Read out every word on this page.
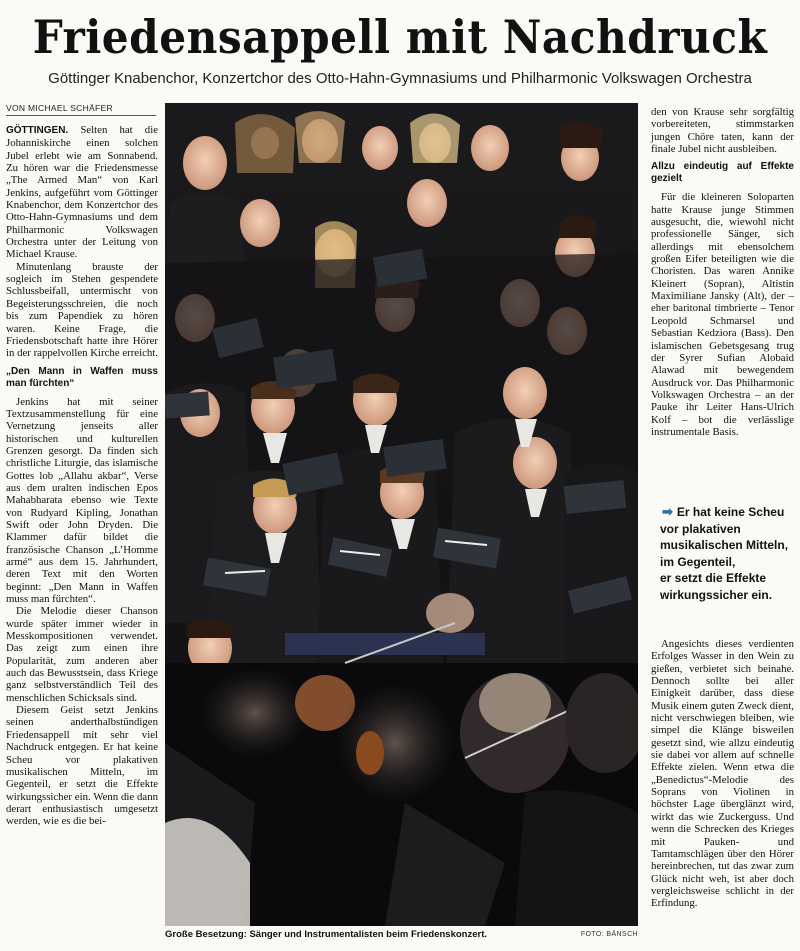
Friedensappell mit Nachdruck
Göttinger Knabenchor, Konzertchor des Otto-Hahn-Gymnasiums und Philharmonic Volkswagen Orchestra
VON MICHAEL SCHÄFER

GÖTTINGEN. Selten hat die Johanniskirche einen solchen Jubel erlebt wie am Sonnabend. Zu hören war die Friedensmesse „The Armed Man“ von Karl Jenkins, aufgeführt vom Göttinger Knabenchor, dem Konzertchor des Otto-Hahn-Gymnasiums und dem Philharmonic Volkswagen Orchestra unter der Leitung von Michael Krause.

Minutenlang brauste der sogleich im Stehen gespendete Schlussbeifall, untermischt von Begeisterungsschreien, die noch bis zum Papendiek zu hören waren. Keine Frage, die Friedensbotschaft hatte ihre Hörer in der rappelvollen Kirche erreicht.

„Den Mann in Waffen muss man fürchten“

Jenkins hat mit seiner Textzusammenstellung für eine Vernetzung jenseits aller historischen und kulturellen Grenzen gesorgt. Da finden sich christliche Liturgie, das islamische Gottes lob „Allahu akbar“, Verse aus dem uralten indischen Epos Mahabharata ebenso wie Texte von Rudyard Kipling, Jonathan Swift oder John Dryden. Die Klammer dafür bildet die französische Chanson „L’Homme armé“ aus dem 15. Jahrhundert, deren Text mit den Worten beginnt: „Den Mann in Waffen muss man fürchten“.

Die Melodie dieser Chanson wurde später immer wieder in Messkompositionen verwendet. Das zeigt zum einen ihre Popularität, zum anderen aber auch das Bewusstsein, dass Kriege ganz selbstverständlich Teil des menschlichen Schicksals sind.

Diesem Geist setzt Jenkins seinen anderthalbstündigen Friedensappell mit sehr viel Nachdruck entgegen. Er hat keine Scheu vor plakativen musikalischen Mitteln, im Gegenteil, er setzt die Effekte wirkungssicher ein. Wenn die dann derart enthusiastisch umgesetzt werden, wie es die bei-

Große Besetzung: Sänger und Instrumentalisten beim Friedenskonzert.	FOTO: BÄNSCH

den von Krause sehr sorgfältig vorbereiteten, stimmstarken jungen Chöre taten, kann der finale Jubel nicht ausbleiben.

Allzu eindeutig auf Effekte gezielt

Für die kleineren Soloparten hatte Krause junge Stimmen ausgesucht, die, wiewohl nicht professionelle Sänger, sich allerdings mit ebensolchem großen Eifer beteiligten wie die Choristen. Das waren Annike Kleinert (Sopran), Altistin Maximiliane Jansky (Alt), der – eher baritonal timbrierte – Tenor Leopold Schmarsel und Sebastian Kedziora (Bass). Den islamischen Gebetsgesang trug der Syrer Sufian Alobaid Alawad mit bewegendem Ausdruck vor. Das Philharmonic Volkswagen Orchestra – an der Pauke ihr Leiter Hans-Ulrich Kolf – bot die verlässlige instrumentale Basis.

➡ Er hat keine Scheu
vor plakativen
musikalischen Mitteln,
im Gegenteil,
er setzt die Effekte
wirkungssicher ein.

Angesichts dieses verdienten Erfolges Wasser in den Wein zu gießen, verbietet sich beinahe. Dennoch sollte bei aller Einigkeit darüber, dass diese Musik einem guten Zweck dient, nicht verschwiegen bleiben, wie simpel die Klänge bisweilen gesetzt sind, wie allzu eindeutig sie dabei vor allem auf schnelle Effekte zielen. Wenn etwa die „Benedictus“-Melodie des Soprans von Violinen in höchster Lage überglänzt wird, wirkt das wie Zuckerguss. Und wenn die Schrecken des Krieges mit Pauken- und Tamtamschlägen über den Hörer hereinbrechen, tut das zwar zum Glück nicht weh, ist aber doch vergleichsweise schlicht in der Erfindung.
